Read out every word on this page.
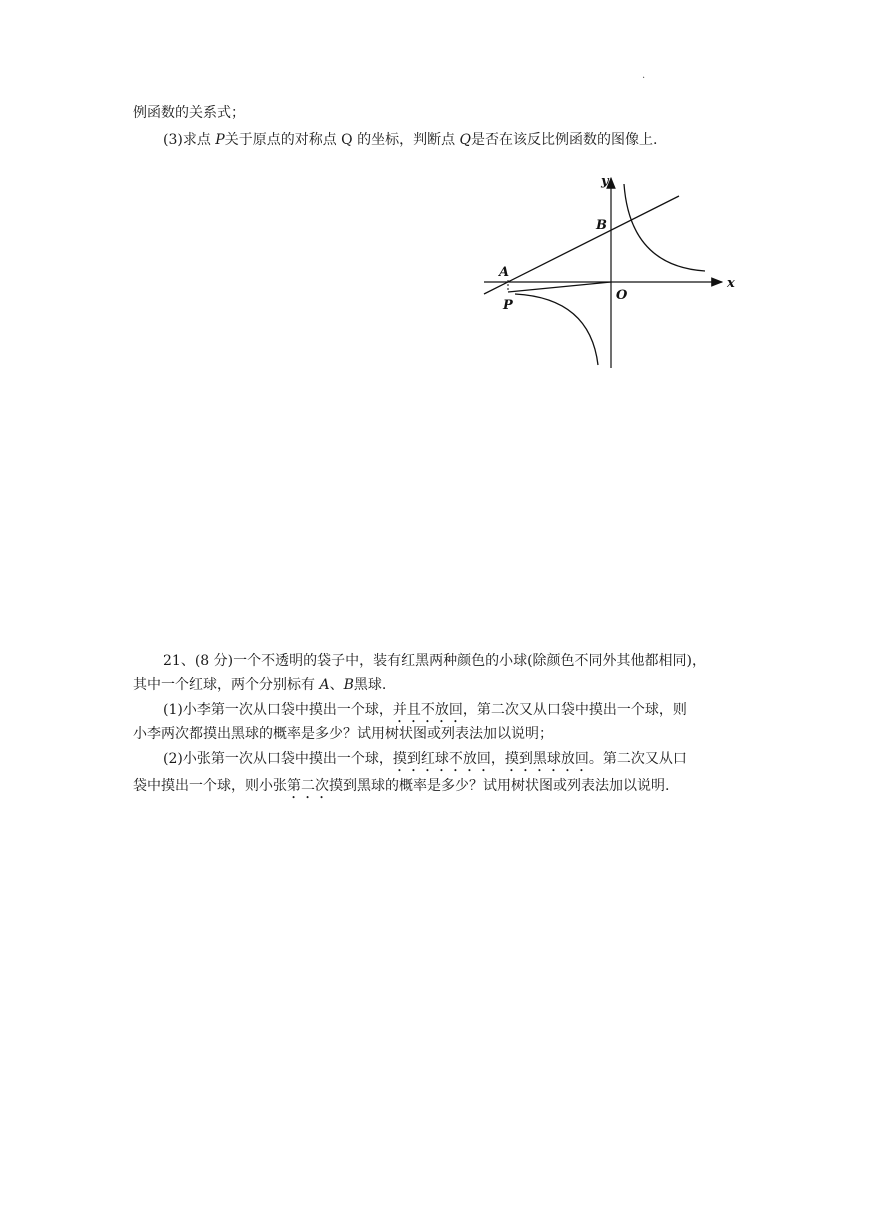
.
例函数的关系式；
(3)求点 P关于原点的对称点 Q 的坐标，判断点 Q是否在该反比例函数的图像上.
y
x
B
A
O
P
21、(8 分)一个不透明的袋子中，装有红黑两种颜色的小球(除颜色不同外其他都相同)，
其中一个红球，两个分别标有 A、B黑球.
(1)小李第一次从口袋中摸出一个球，并且不放回，第二次又从口袋中摸出一个球，则
小李两次都摸出黑球的概率是多少？试用树状图或列表法加以说明；
(2)小张第一次从口袋中摸出一个球，摸到红球不放回，摸到黑球放回。第二次又从口
袋中摸出一个球，则小张第二次摸到黑球的概率是多少？试用树状图或列表法加以说明.
